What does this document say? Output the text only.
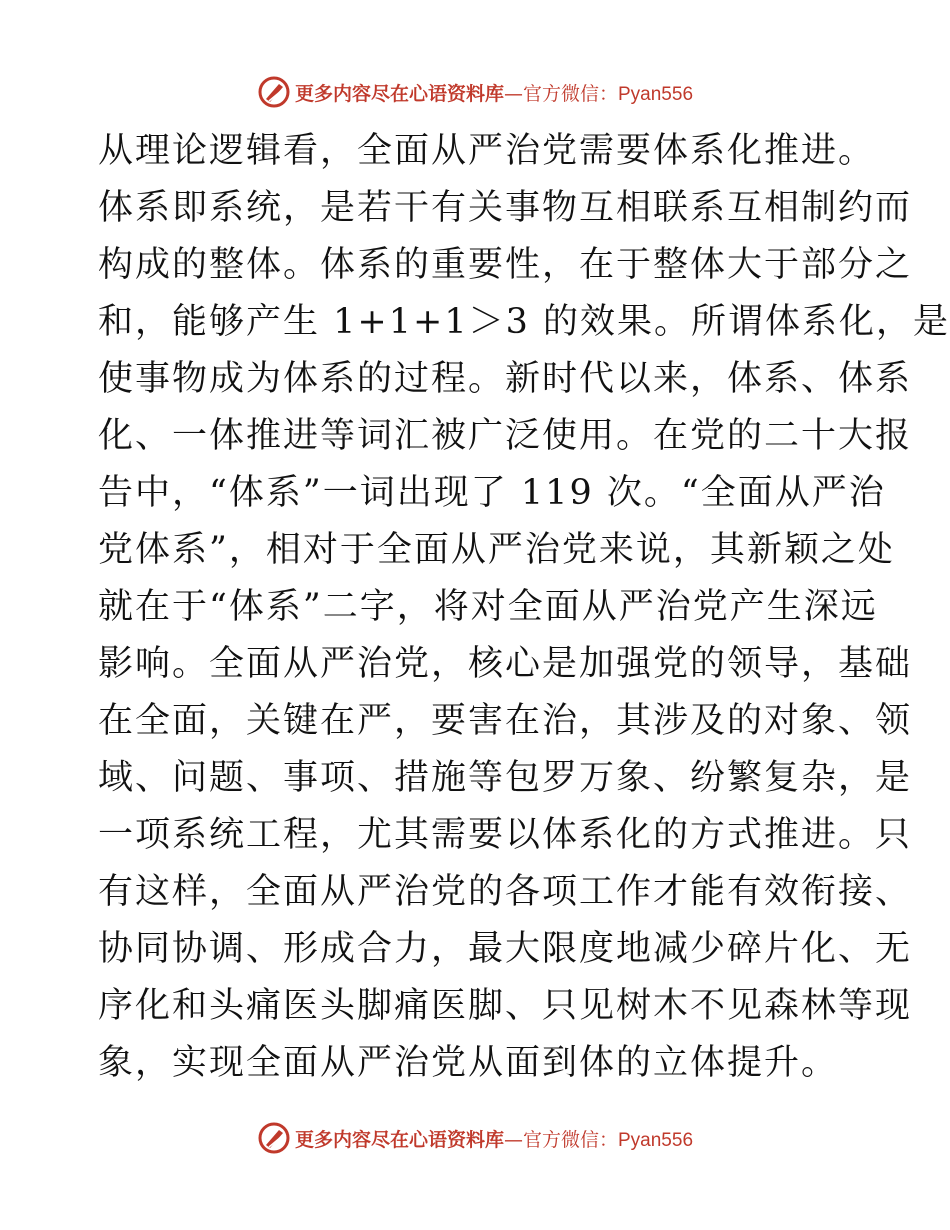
更多内容尽在心语资料库—官方微信：Pyan556
从理论逻辑看，全面从严治党需要体系化推进。
体系即系统，是若干有关事物互相联系互相制约而
构成的整体。体系的重要性，在于整体大于部分之
和，能够产生 1+1+1＞3 的效果。所谓体系化，是
使事物成为体系的过程。新时代以来，体系、体系
化、一体推进等词汇被广泛使用。在党的二十大报
告中，“体系”一词出现了 119 次。“全面从严治
党体系”，相对于全面从严治党来说，其新颖之处
就在于“体系”二字，将对全面从严治党产生深远
影响。全面从严治党，核心是加强党的领导，基础
在全面，关键在严，要害在治，其涉及的对象、领
域、问题、事项、措施等包罗万象、纷繁复杂，是
一项系统工程，尤其需要以体系化的方式推进。只
有这样，全面从严治党的各项工作才能有效衔接、
协同协调、形成合力，最大限度地减少碎片化、无
序化和头痛医头脚痛医脚、只见树木不见森林等现
象，实现全面从严治党从面到体的立体提升。
更多内容尽在心语资料库—官方微信：Pyan556
